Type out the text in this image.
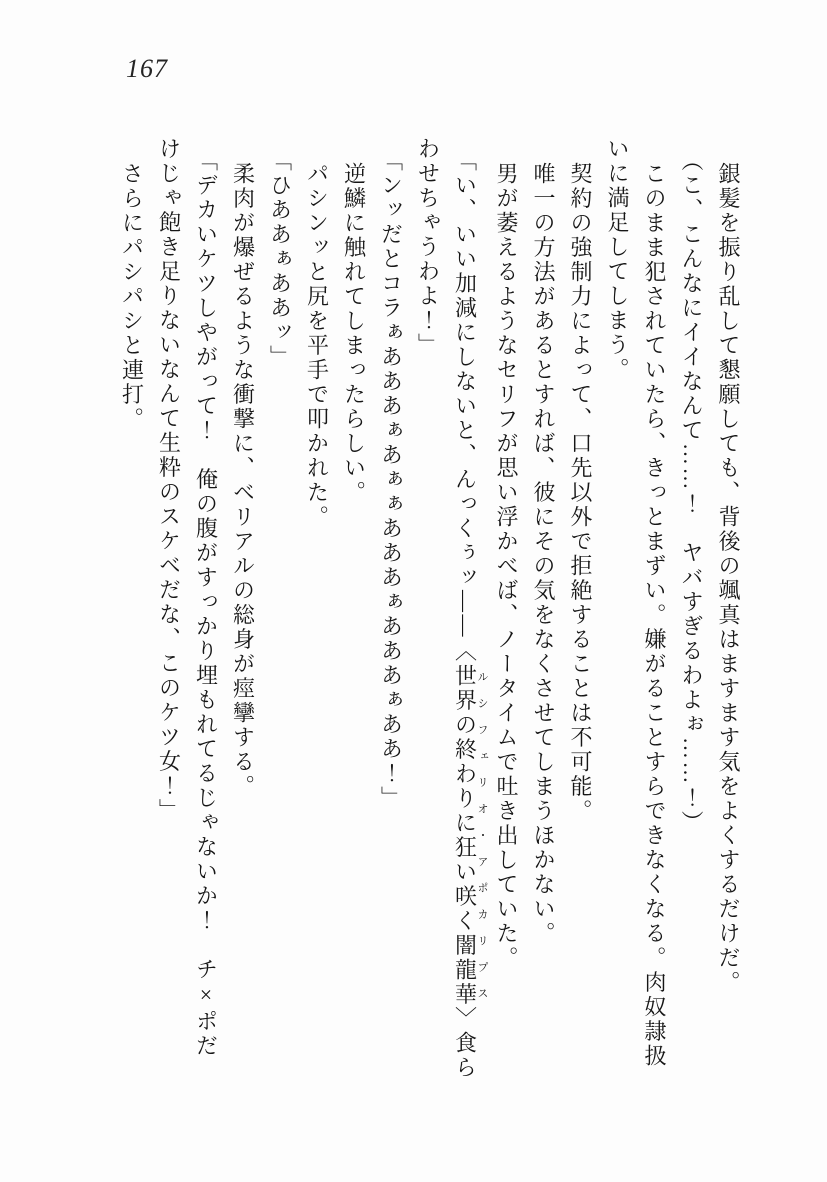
167

銀髪を振り乱して懇願しても、背後の颯真はますます気をよくするだけだ。

（こ、こんなにイイなんて……！　ヤバすぎるわよぉ……！）

このまま犯されていたら、きっとまずい。嫌がることすらできなくなる。肉奴隷扱いに満足してしまう。

契約の強制力によって、口先以外で拒絶することは不可能。

唯一の方法があるとすれば、彼にその気をなくさせてしまうほかない。

男が萎えるようなセリフが思い浮かべば、ノータイムで吐き出していた。

「い、いい加減にしないと、んっくぅッ――〈世界の終わりに狂い咲く闇龍華ルシフェリオ・アポカリプス〉食らわせちゃうわよ！」

「ンッだとコラぁあああぁあぁぁあああぁあああぁああ！」

逆鱗に触れてしまったらしい。

パシンッと尻を平手で叩かれた。

「ひああぁああッ」

柔肉が爆ぜるような衝撃に、ベリアルの総身が痙攣する。

「デカいケツしやがって！　俺の腹がすっかり埋もれてるじゃないか！　チ×ポだけじゃ飽き足りないなんて生粋のスケベだな、このケツ女！」

さらにパシパシと連打。
